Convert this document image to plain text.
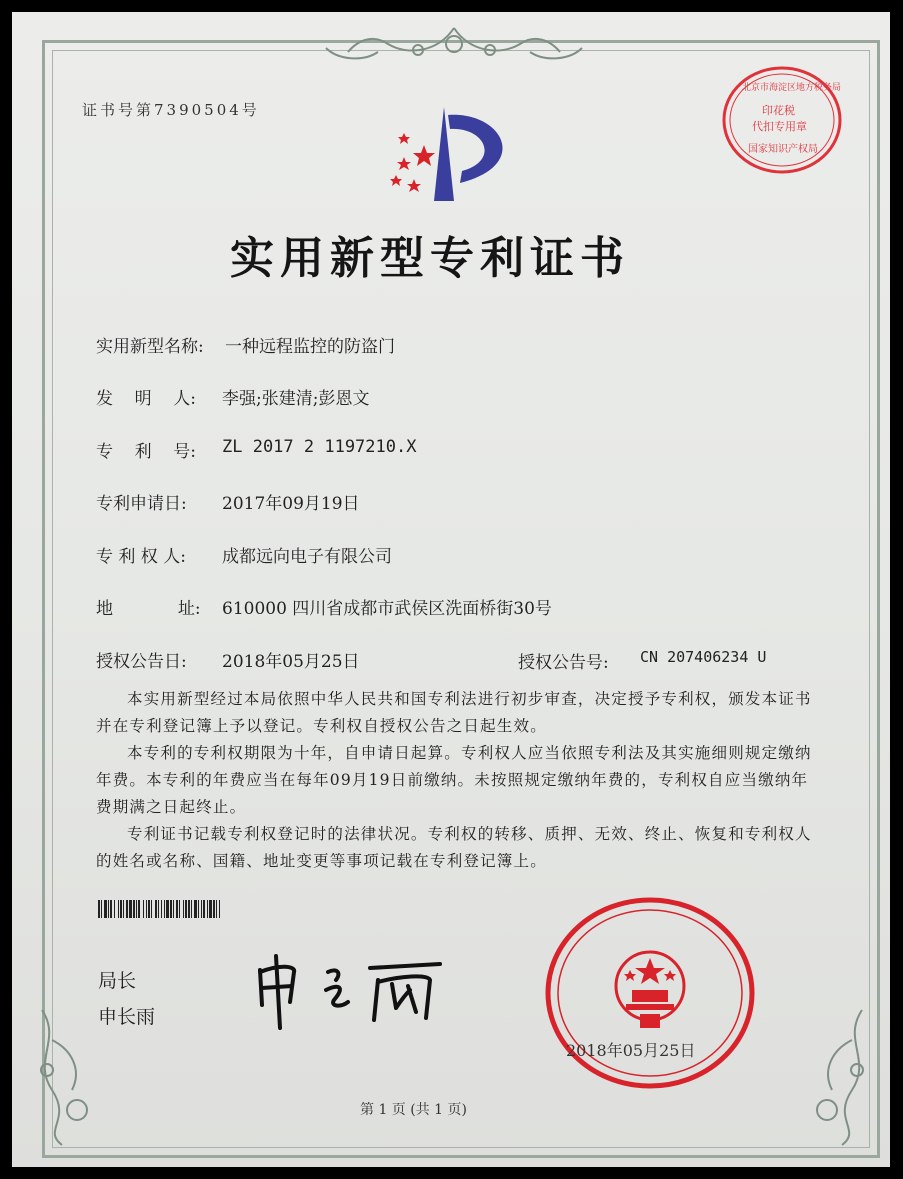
北京市海淀区地方税务局
印花税
代扣专用章
国家知识产权局
证书号第7390504号
实用新型专利证书
实用新型名称: 一种远程监控的防盗门
发    明    人: 李强;张建清;彭恩文
专    利    号: ZL 2017 2 1197210.X
专利申请日: 2017年09月19日
专 利 权 人: 成都远向电子有限公司
地            址: 610000 四川省成都市武侯区洗面桥街30号
授权公告日: 2018年05月25日	授权公告号: CN 207406234 U

本实用新型经过本局依照中华人民共和国专利法进行初步审查，决定授予专利权，颁发本证书并在专利登记簿上予以登记。专利权自授权公告之日起生效。

本专利的专利权期限为十年，自申请日起算。专利权人应当依照专利法及其实施细则规定缴纳年费。本专利的年费应当在每年09月19日前缴纳。未按照规定缴纳年费的，专利权自应当缴纳年费期满之日起终止。

专利证书记载专利权登记时的法律状况。专利权的转移、质押、无效、终止、恢复和专利权人的姓名或名称、国籍、地址变更等事项记载在专利登记簿上。

局长
申长雨
2018年05月25日
第 1 页 (共 1 页)
